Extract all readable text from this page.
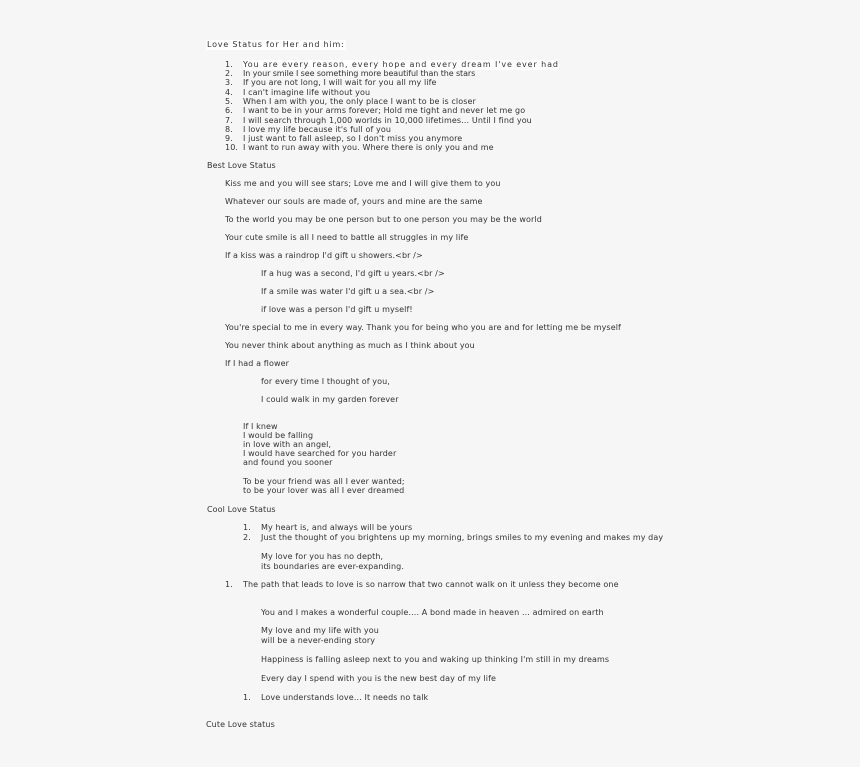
Love Status for Her and him:
1. You are every reason, every hope and every dream I've ever had
2. In your smile I see something more beautiful than the stars
3. If you are not long, I will wait for you all my life
4. I can't imagine life without you
5. When I am with you, the only place I want to be is closer
6. I want to be in your arms forever; Hold me tight and never let me go
7. I will search through 1,000 worlds in 10,000 lifetimes… Until I find you
8. I love my life because it's full of you
9. I just want to fall asleep, so I don't miss you anymore
10. I want to run away with you. Where there is only you and me
Best Love Status
Kiss me and you will see stars; Love me and I will give them to you
Whatever our souls are made of, yours and mine are the same
To the world you may be one person but to one person you may be the world
Your cute smile is all I need to battle all struggles in my life
If a kiss was a raindrop I'd gift u showers.<br />
If a hug was a second, I'd gift u years.<br />
If a smile was water I'd gift u a sea.<br />
if love was a person I'd gift u myself!
You're special to me in every way. Thank you for being who you are and for letting me be myself
You never think about anything as much as I think about you
If I had a flower
for every time I thought of you,
I could walk in my garden forever
If I knew
I would be falling
in love with an angel,
I would have searched for you harder
and found you sooner
To be your friend was all I ever wanted;
to be your lover was all I ever dreamed
Cool Love Status
1. My heart is, and always will be yours
2. Just the thought of you brightens up my morning, brings smiles to my evening and makes my day
My love for you has no depth,
its boundaries are ever-expanding.
1. The path that leads to love is so narrow that two cannot walk on it unless they become one
You and I makes a wonderful couple…. A bond made in heaven … admired on earth
My love and my life with you
will be a never-ending story
Happiness is falling asleep next to you and waking up thinking I'm still in my dreams
Every day I spend with you is the new best day of my life
1. Love understands love… It needs no talk
Cute Love status
